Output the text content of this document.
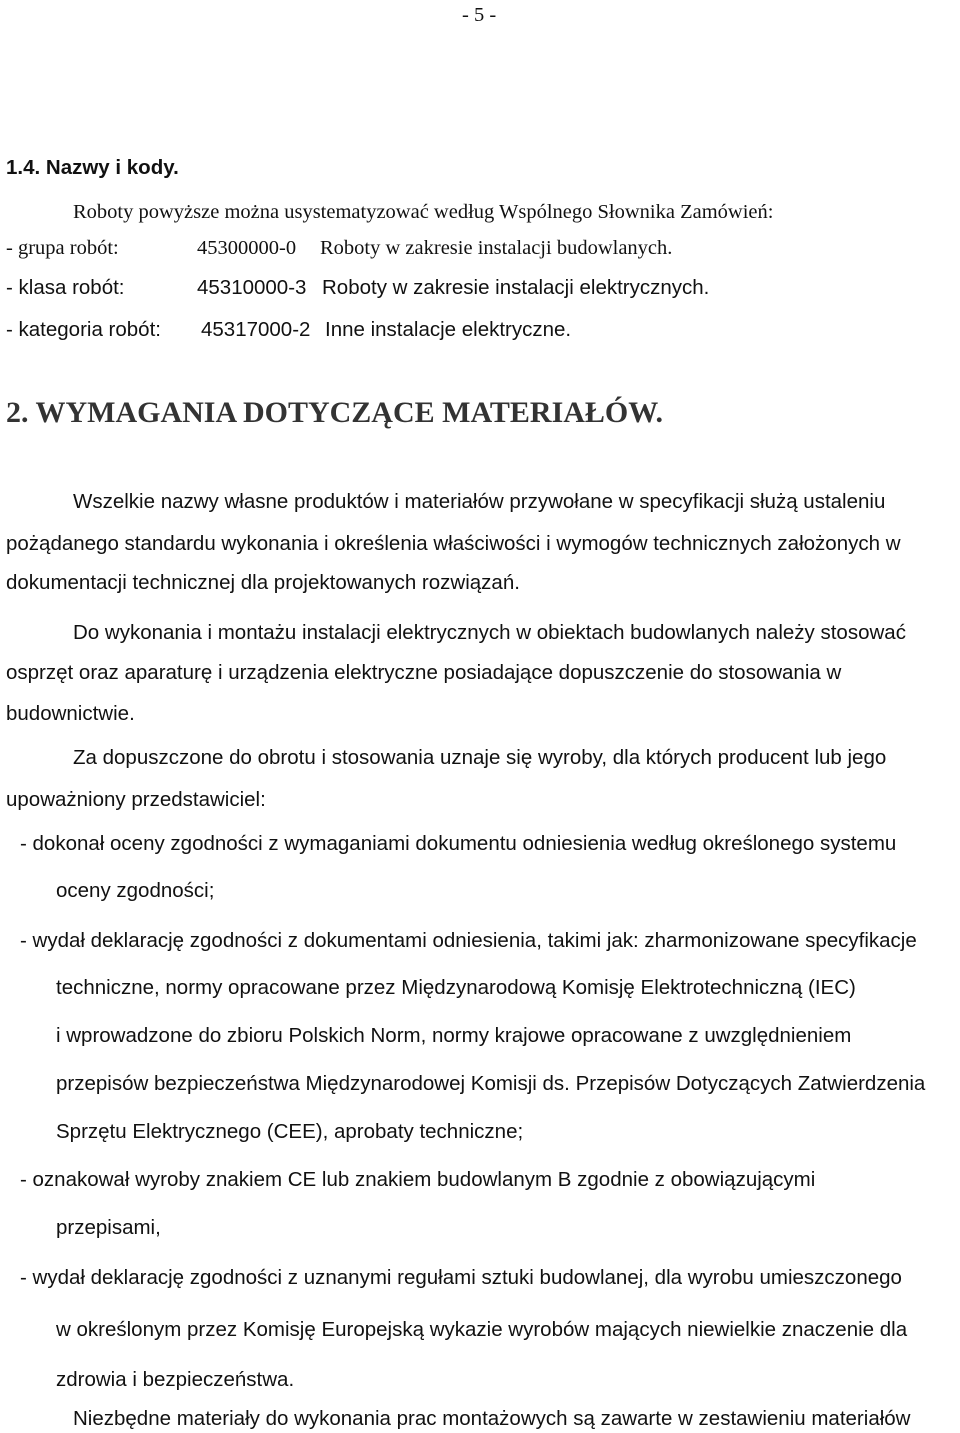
- 5 -
1.4. Nazwy i kody.
Roboty powyższe można usystematyzować według Wspólnego Słownika Zamówień:
- grupa robót:	45300000-0 Roboty w zakresie instalacji budowlanych.
- klasa robót:	45310000-3 Roboty w zakresie instalacji elektrycznych.
- kategoria robót: 45317000-2 Inne instalacje elektryczne.
2. WYMAGANIA DOTYCZĄCE MATERIAŁÓW.
Wszelkie nazwy własne produktów i materiałów przywołane w specyfikacji służą ustaleniu
pożądanego standardu wykonania i określenia właściwości i wymogów technicznych założonych w
dokumentacji technicznej dla projektowanych rozwiązań.
Do wykonania i montażu instalacji elektrycznych w obiektach budowlanych należy stosować
osprzęt oraz aparaturę i urządzenia elektryczne posiadające dopuszczenie do stosowania w
budownictwie.
Za dopuszczone do obrotu i stosowania uznaje się wyroby, dla których producent lub jego
upoważniony przedstawiciel:
- dokonał oceny zgodności z wymaganiami dokumentu odniesienia według określonego systemu
oceny zgodności;
- wydał deklarację zgodności z dokumentami odniesienia, takimi jak: zharmonizowane specyfikacje
techniczne, normy opracowane przez Międzynarodową Komisję Elektrotechniczną (IEC)
i wprowadzone do zbioru Polskich Norm, normy krajowe opracowane z uwzględnieniem
przepisów bezpieczeństwa Międzynarodowej Komisji ds. Przepisów Dotyczących Zatwierdzenia
Sprzętu Elektrycznego (CEE), aprobaty techniczne;
- oznakował wyroby znakiem CE lub znakiem budowlanym B zgodnie z obowiązującymi
przepisami,
- wydał deklarację zgodności z uznanymi regułami sztuki budowlanej, dla wyrobu umieszczonego
w określonym przez Komisję Europejską wykazie wyrobów mających niewielkie znaczenie dla
zdrowia i bezpieczeństwa.
Niezbędne materiały do wykonania prac montażowych są zawarte w zestawieniu materiałów
